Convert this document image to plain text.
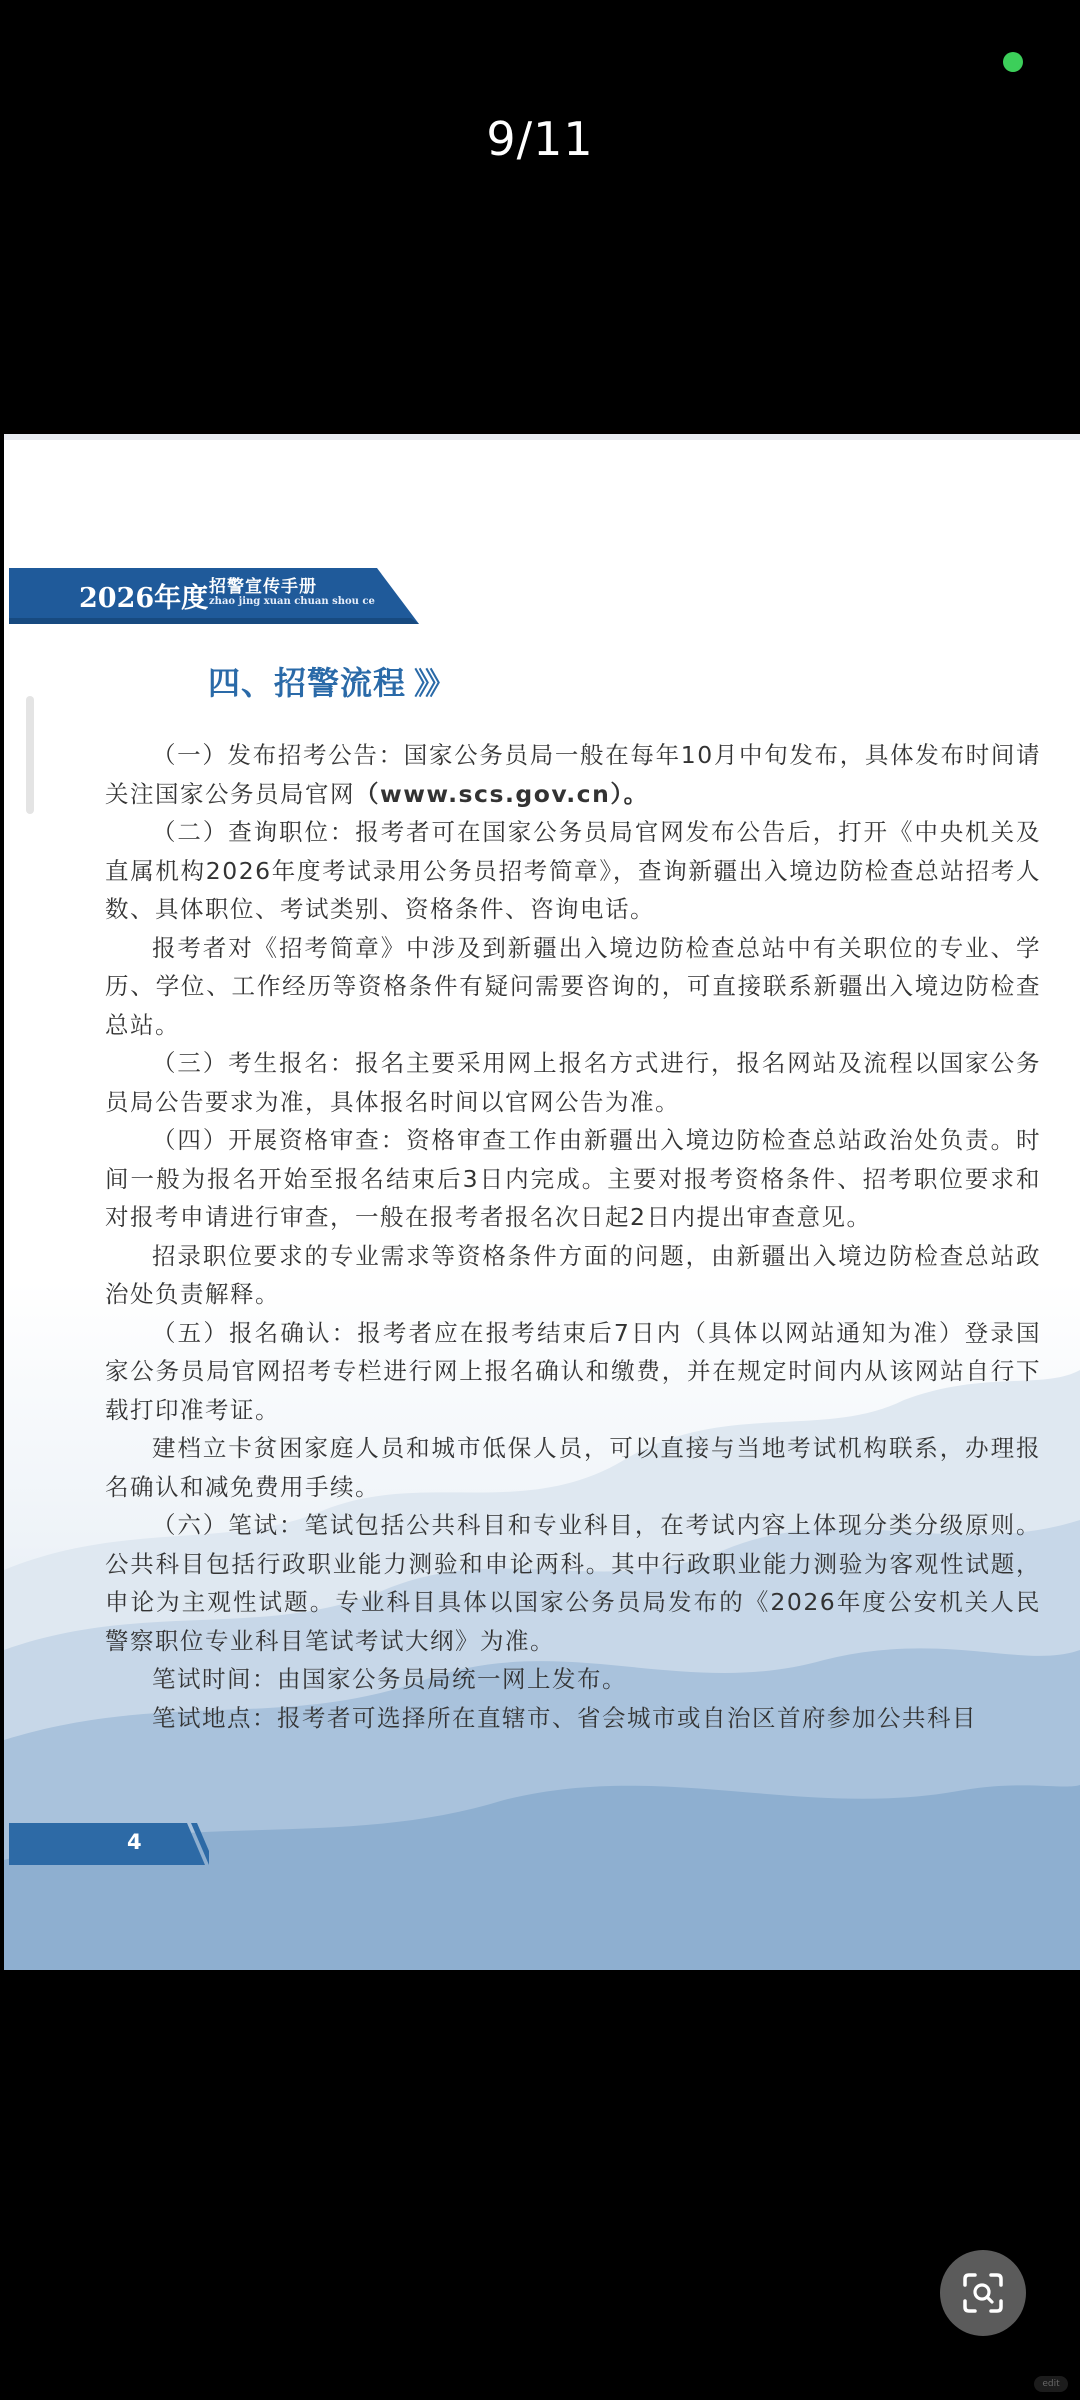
9/11
2026年度 招警宣传手册
zhao jing xuan chuan shou ce
四、招警流程 》》

（一）发布招考公告：国家公务员局一般在每年10月中旬发布，具体发布时间请关注国家公务员局官网（www.scs.gov.cn）。

（二）查询职位：报考者可在国家公务员局官网发布公告后，打开《中央机关及直属机构2026年度考试录用公务员招考简章》，查询新疆出入境边防检查总站招考人数、具体职位、考试类别、资格条件、咨询电话。

报考者对《招考简章》中涉及到新疆出入境边防检查总站中有关职位的专业、学历、学位、工作经历等资格条件有疑问需要咨询的，可直接联系新疆出入境边防检查总站。

（三）考生报名：报名主要采用网上报名方式进行，报名网站及流程以国家公务员局公告要求为准，具体报名时间以官网公告为准。

（四）开展资格审查：资格审查工作由新疆出入境边防检查总站政治处负责。时间一般为报名开始至报名结束后3日内完成。主要对报考资格条件、招考职位要求和对报考申请进行审查，一般在报考者报名次日起2日内提出审查意见。

招录职位要求的专业需求等资格条件方面的问题，由新疆出入境边防检查总站政治处负责解释。

（五）报名确认：报考者应在报考结束后7日内（具体以网站通知为准）登录国家公务员局官网招考专栏进行网上报名确认和缴费，并在规定时间内从该网站自行下载打印准考证。

建档立卡贫困家庭人员和城市低保人员，可以直接与当地考试机构联系，办理报名确认和减免费用手续。

（六）笔试：笔试包括公共科目和专业科目，在考试内容上体现分类分级原则。公共科目包括行政职业能力测验和申论两科。其中行政职业能力测验为客观性试题，申论为主观性试题。专业科目具体以国家公务员局发布的《2026年度公安机关人民警察职位专业科目笔试考试大纲》为准。

笔试时间：由国家公务员局统一网上发布。

笔试地点：报考者可选择所在直辖市、省会城市或自治区首府参加公共科目

4
edit
